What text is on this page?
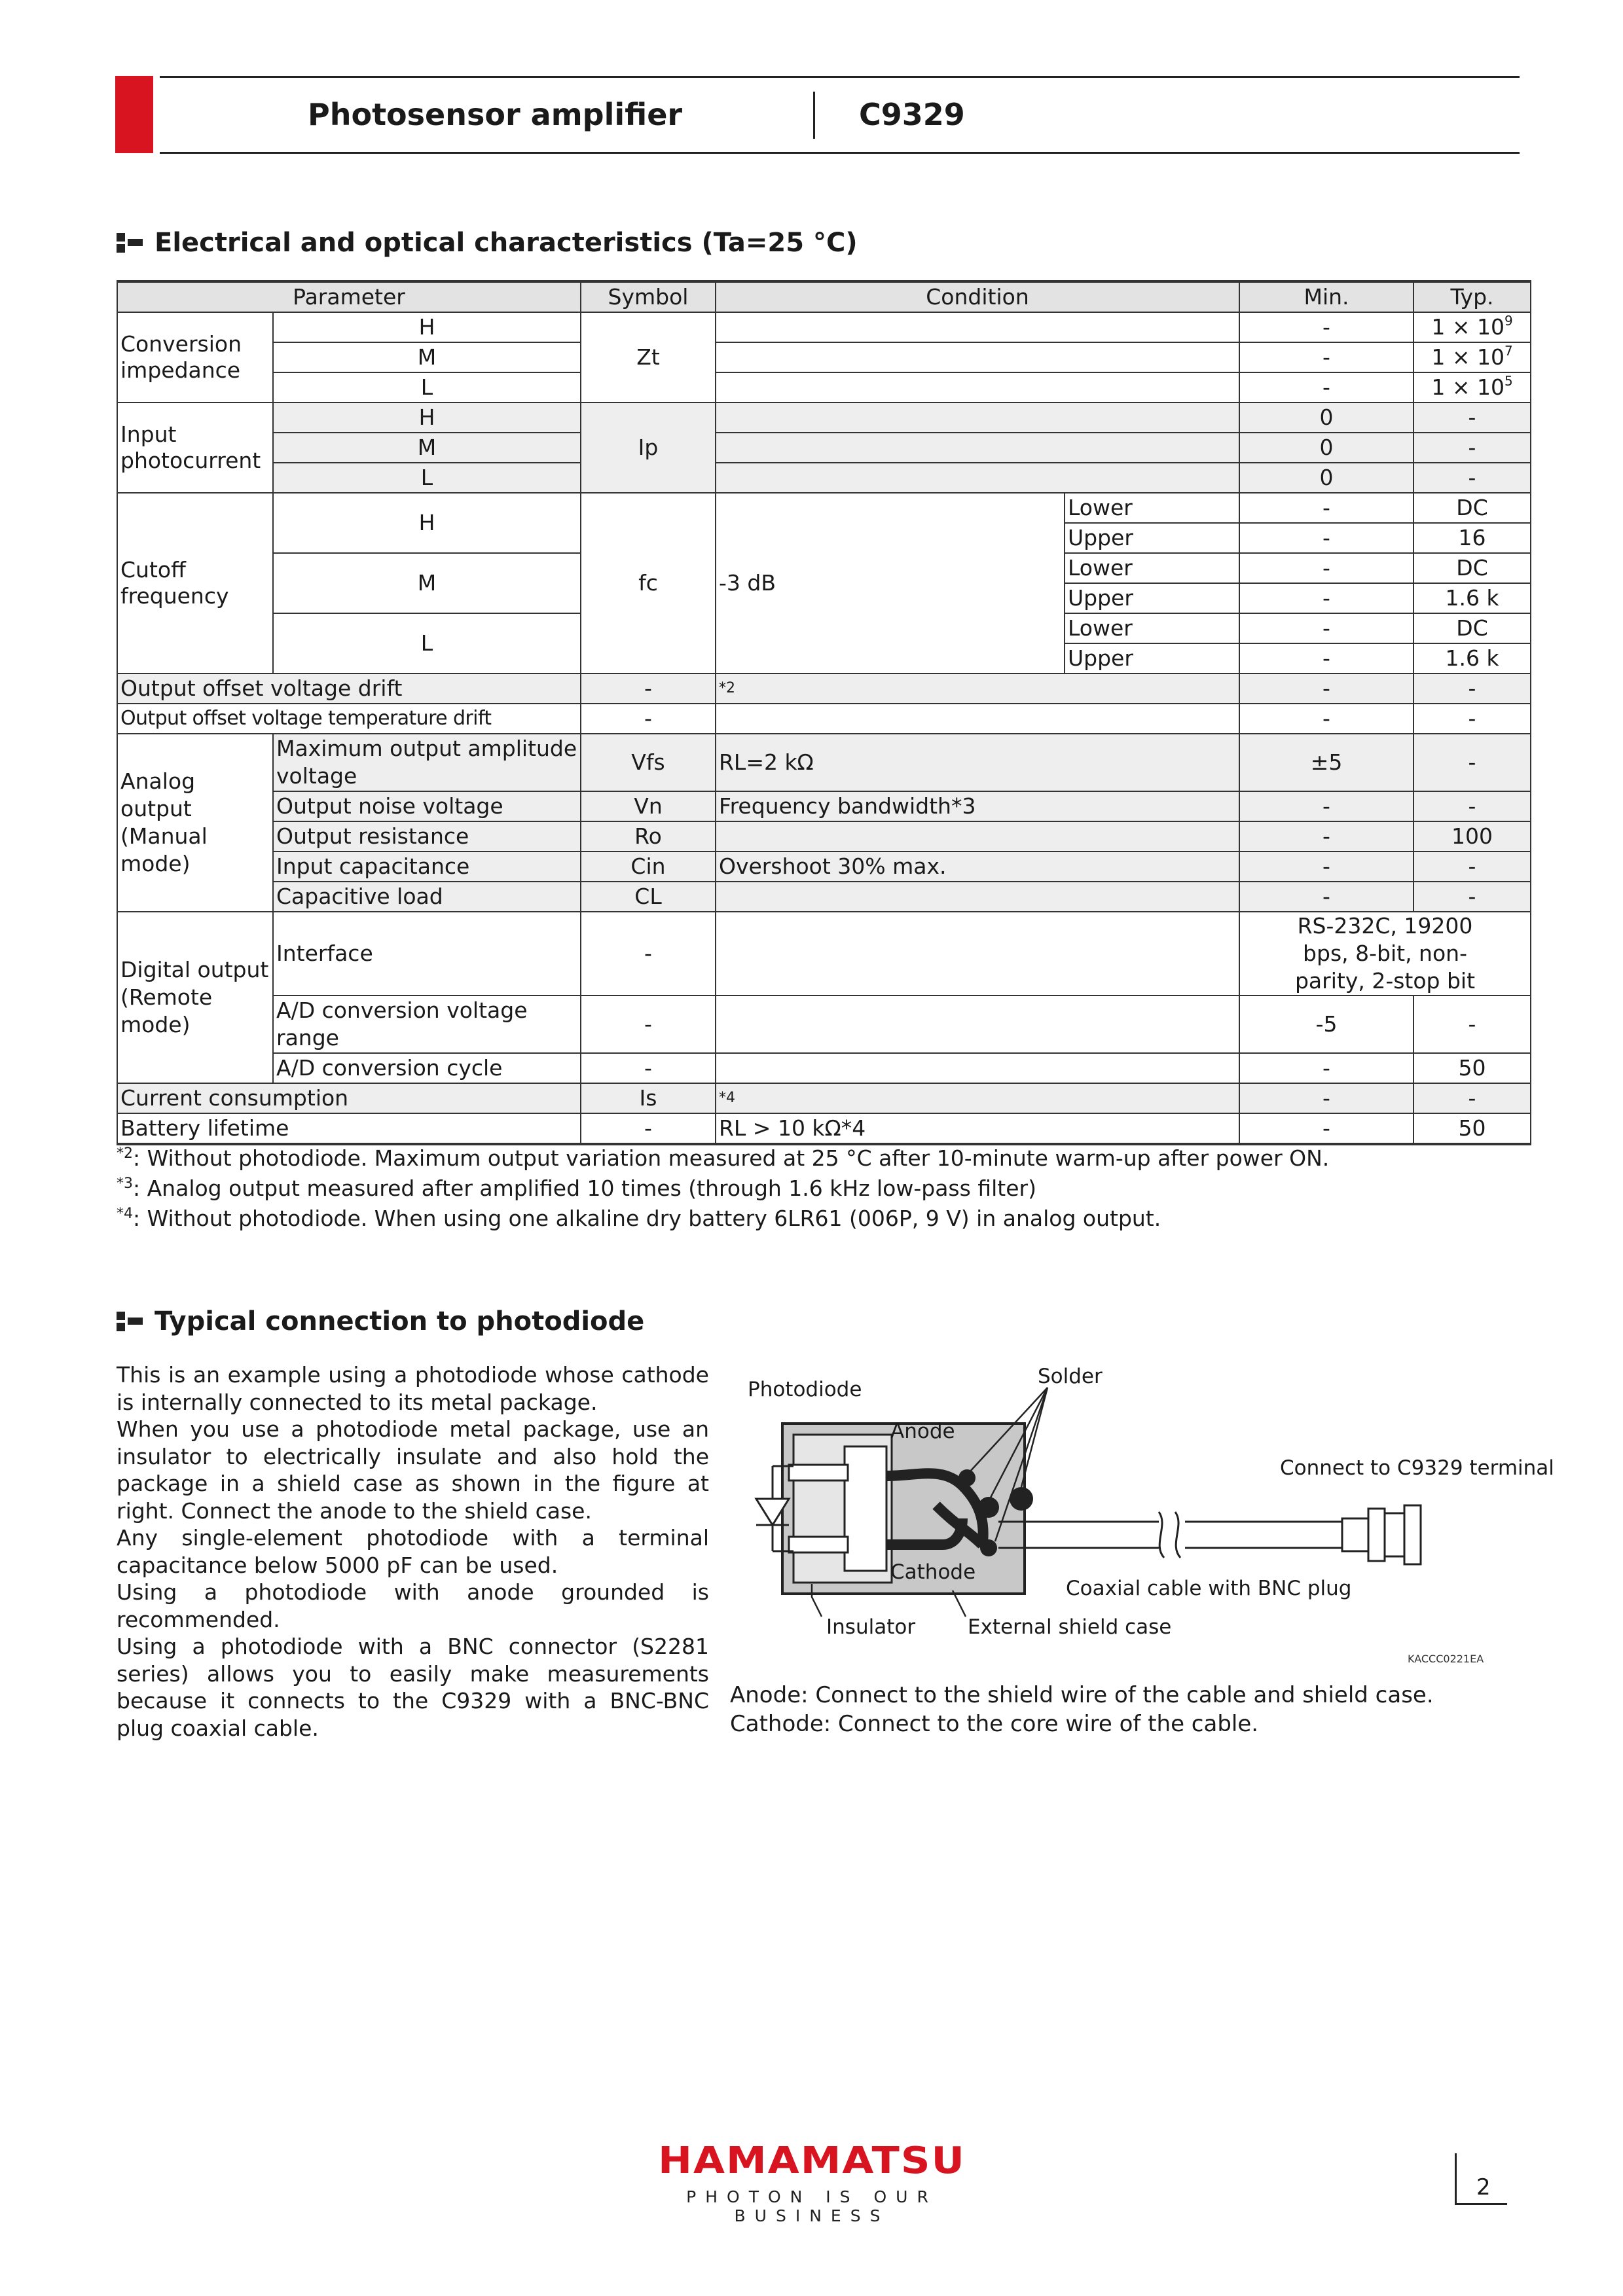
Photosensor amplifier	C9329
Electrical and optical characteristics (Ta=25 °C)
Parameter		Symbol	Condition		Min.	Typ.		
Conversion impedance	H	Zt			-	$1 \times 10^9$		
	M				-	$1 \times 10^7$	
	L				-	$1 \times 10^5$	
Input photocurrent	H	Ip			0	-		
	M				0	-	
	L				0	-	
Cutoff frequency	H	fc	-3 dB	Lower	-	DC		
				Upper	-	16	
	M			Lower	-	DC	
				Upper	-	1.6 k	
	L			Lower	-	DC	
				Upper	-	1.6 k	
Output offset voltage drift		-	$^{*2}$		-	-		
Output offset voltage temperature drift		-			-	-		
Analog output (Manual mode)	Maximum output amplitude voltage	Vfs	RL=2 kΩ		±5	-		
	Output noise voltage	Vn	Frequency bandwidth*3		-	-		
	Output resistance	Ro			-	100		
	Input capacitance	Cin	Overshoot 30% max.		-	-		
	Capacitive load	CL			-	-		
Digital output (Remote mode)	Interface	-			RS-232C, 19200 bps, 8-bit, non-parity, 2-stop bit	
	A/D conversion voltage range	-			-5	-		
	A/D conversion cycle	-			-	50		
Current consumption		Is	$^{*4}$		-	-		
Battery lifetime		-	RL > 10 kΩ*4		-	50		
$^{*2}$: Without photodiode. Maximum output variation measured at 25 °C after 10-minute warm-up after power ON.
$^{*3}$: Analog output measured after amplified 10 times (through 1.6 kHz low-pass filter)
$^{*4}$: Without photodiode. When using one alkaline dry battery 6LR61 (006P, 9 V) in analog output.
Typical connection to photodiode

This is an example using a photodiode whose cathode is internally connected to its metal package.

When you use a photodiode metal package, use an insulator to electrically insulate and also hold the package in a shield case as shown in the figure at right. Connect the anode to the shield case.

Any single-element photodiode with a terminal capacitance below 5000 pF can be used.

Using a photodiode with anode grounded is recommended.

Using a photodiode with a BNC connector (S2281 series) allows you to easily make measurements because it connects to the C9329 with a BNC-BNC plug coaxial cable.

Photodiode
Solder
Anode
Cathode
Connect to C9329 terminal
Coaxial cable with BNC plug
Insulator	External shield case
KACCC0221EA

Anode: Connect to the shield wire of the cable and shield case.

Cathode: Connect to the core wire of the cable.

HAMAMATSU
PHOTON IS OUR BUSINESS
2
